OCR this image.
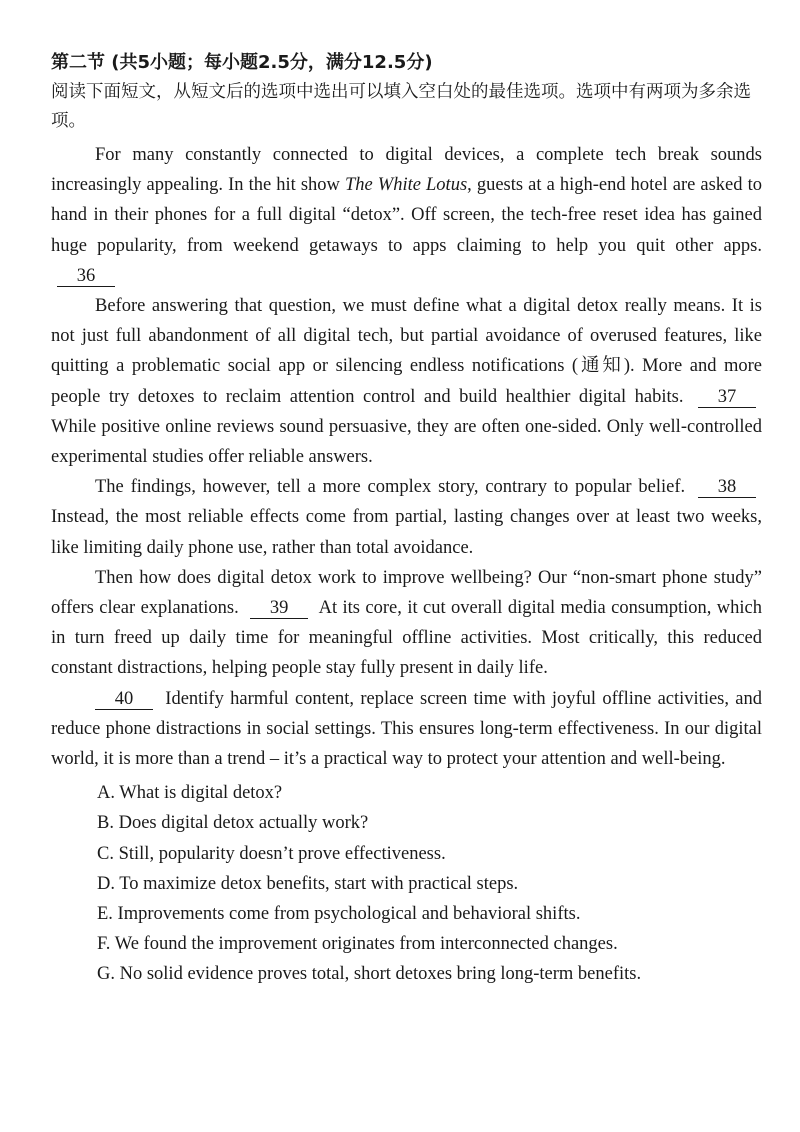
第二节 (共5小题；每小题2.5分，满分12.5分)
阅读下面短文，从短文后的选项中选出可以填入空白处的最佳选项。选项中有两项为多余选项。

For many constantly connected to digital devices, a complete tech break sounds increasingly appealing. In the hit show The White Lotus, guests at a high-end hotel are asked to hand in their phones for a full digital “detox”. Off screen, the tech-free reset idea has gained huge popularity, from weekend getaways to apps claiming to help you quit other apps. 36

Before answering that question, we must define what a digital detox really means. It is not just full abandonment of all digital tech, but partial avoidance of overused features, like quitting a problematic social app or silencing endless notifications (通知). More and more people try detoxes to reclaim attention control and build healthier digital habits. 37 While positive online reviews sound persuasive, they are often one-sided. Only well-controlled experimental studies offer reliable answers.

The findings, however, tell a more complex story, contrary to popular belief. 38 Instead, the most reliable effects come from partial, lasting changes over at least two weeks, like limiting daily phone use, rather than total avoidance.

Then how does digital detox work to improve wellbeing? Our “non-smart phone study” offers clear explanations. 39 At its core, it cut overall digital media consumption, which in turn freed up daily time for meaningful offline activities. Most critically, this reduced constant distractions, helping people stay fully present in daily life.

40 Identify harmful content, replace screen time with joyful offline activities, and reduce phone distractions in social settings. This ensures long-term effectiveness. In our digital world, it is more than a trend – it’s a practical way to protect your attention and well-being.

A. What is digital detox?
B. Does digital detox actually work?
C. Still, popularity doesn’t prove effectiveness.
D. To maximize detox benefits, start with practical steps.
E. Improvements come from psychological and behavioral shifts.
F. We found the improvement originates from interconnected changes.
G. No solid evidence proves total, short detoxes bring long-term benefits.
